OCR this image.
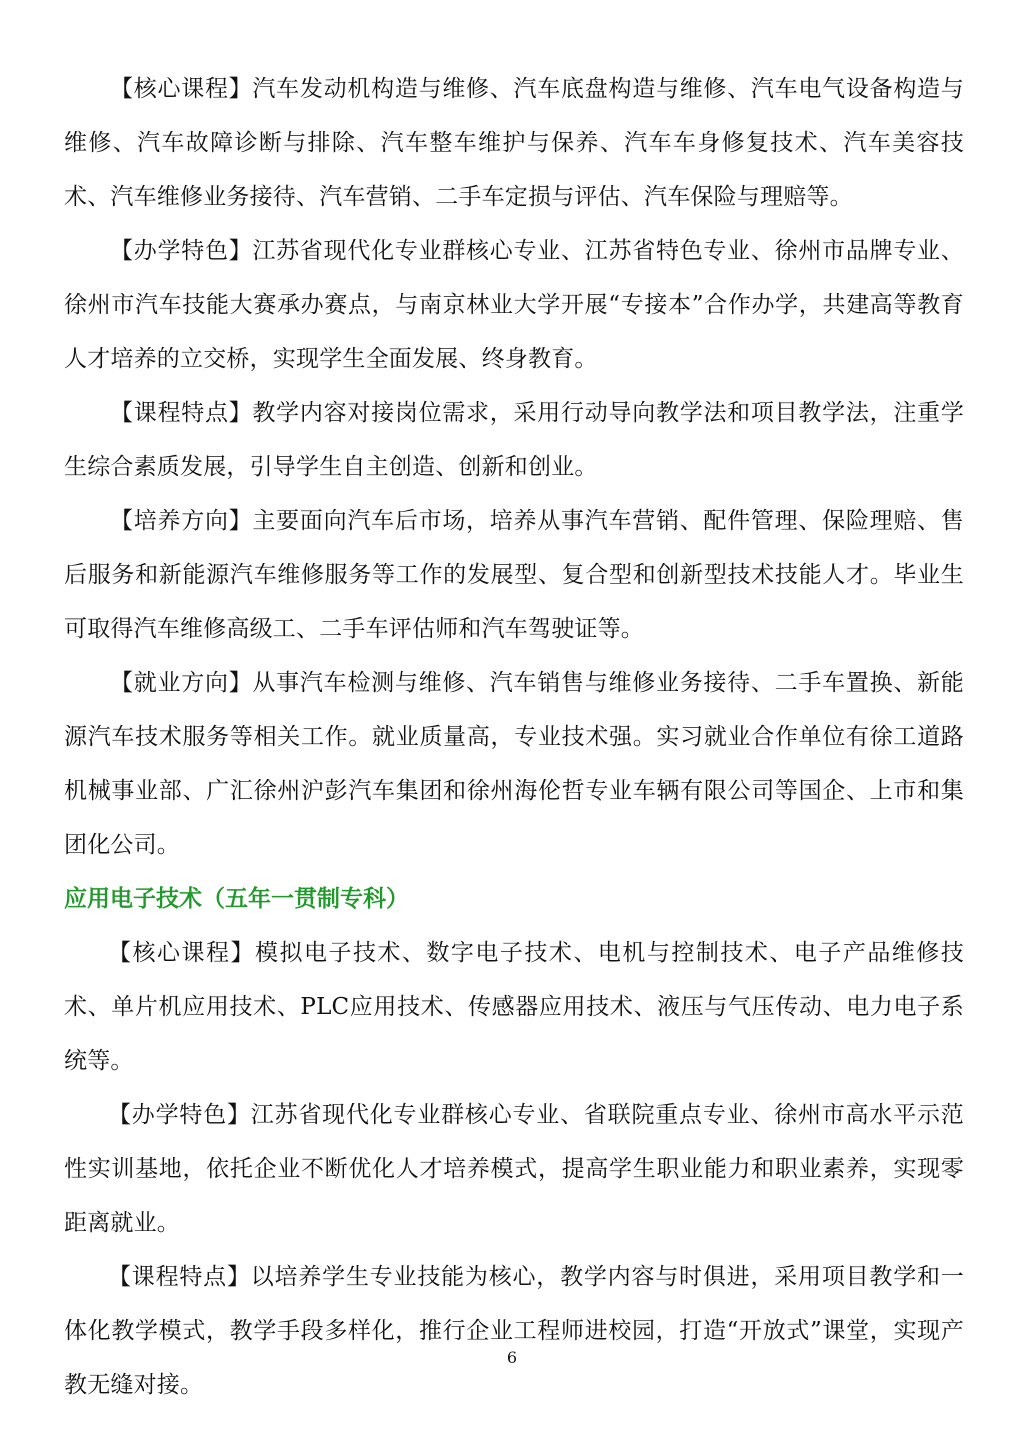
【核心课程】汽车发动机构造与维修、汽车底盘构造与维修、汽车电气设备构造与维修、汽车故障诊断与排除、汽车整车维护与保养、汽车车身修复技术、汽车美容技术、汽车维修业务接待、汽车营销、二手车定损与评估、汽车保险与理赔等。

【办学特色】江苏省现代化专业群核心专业、江苏省特色专业、徐州市品牌专业、徐州市汽车技能大赛承办赛点，与南京林业大学开展“专接本”合作办学，共建高等教育人才培养的立交桥，实现学生全面发展、终身教育。

【课程特点】教学内容对接岗位需求，采用行动导向教学法和项目教学法，注重学生综合素质发展，引导学生自主创造、创新和创业。

【培养方向】主要面向汽车后市场，培养从事汽车营销、配件管理、保险理赔、售后服务和新能源汽车维修服务等工作的发展型、复合型和创新型技术技能人才。毕业生可取得汽车维修高级工、二手车评估师和汽车驾驶证等。

【就业方向】从事汽车检测与维修、汽车销售与维修业务接待、二手车置换、新能源汽车技术服务等相关工作。就业质量高，专业技术强。实习就业合作单位有徐工道路机械事业部、广汇徐州沪彭汽车集团和徐州海伦哲专业车辆有限公司等国企、上市和集团化公司。

应用电子技术（五年一贯制专科）

【核心课程】模拟电子技术、数字电子技术、电机与控制技术、电子产品维修技术、单片机应用技术、PLC应用技术、传感器应用技术、液压与气压传动、电力电子系统等。

【办学特色】江苏省现代化专业群核心专业、省联院重点专业、徐州市高水平示范性实训基地，依托企业不断优化人才培养模式，提高学生职业能力和职业素养，实现零距离就业。

【课程特点】以培养学生专业技能为核心，教学内容与时俱进，采用项目教学和一体化教学模式，教学手段多样化，推行企业工程师进校园，打造“开放式”课堂，实现产教无缝对接。

6
